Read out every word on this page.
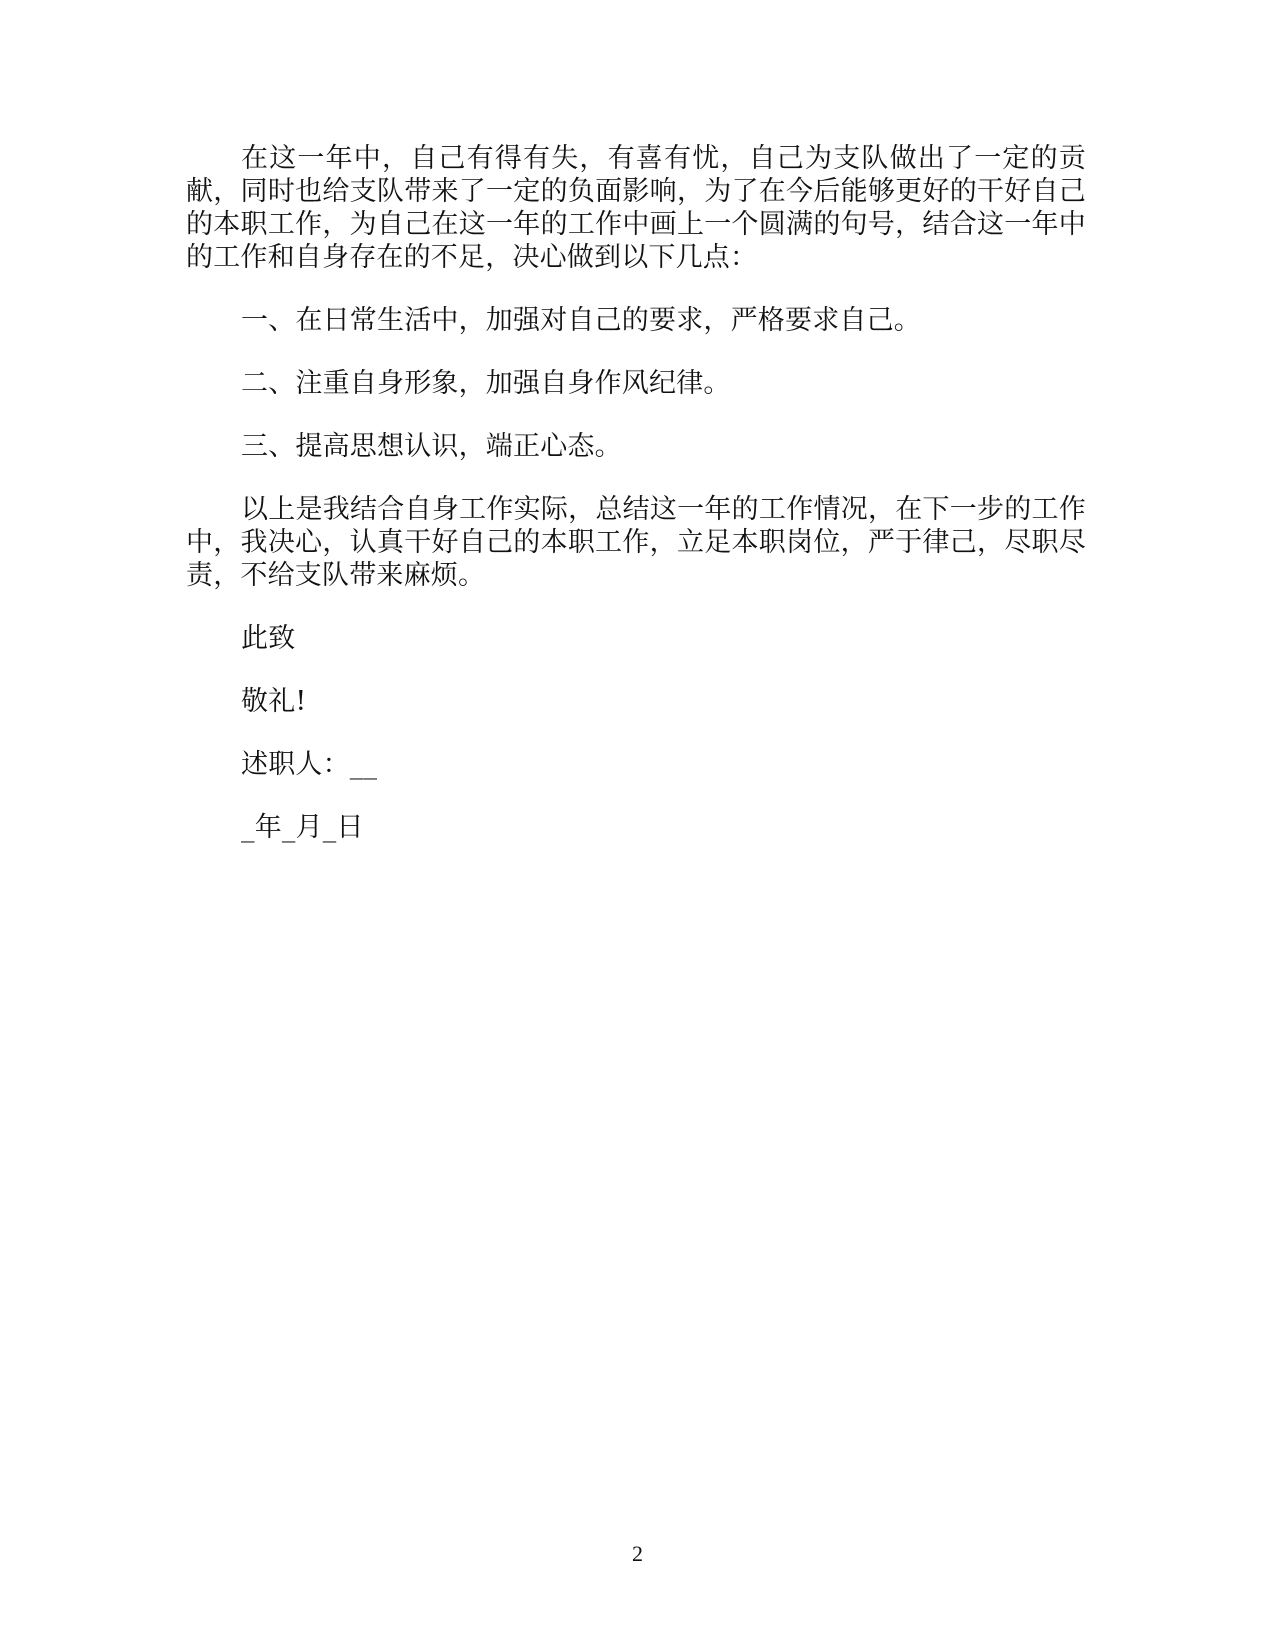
在这一年中，自己有得有失，有喜有忧，自己为支队做出了一定的贡献，同时也给支队带来了一定的负面影响，为了在今后能够更好的干好自己的本职工作，为自己在这一年的工作中画上一个圆满的句号，结合这一年中的工作和自身存在的不足，决心做到以下几点：

一、在日常生活中，加强对自己的要求，严格要求自己。

二、注重自身形象，加强自身作风纪律。

三、提高思想认识，端正心态。

以上是我结合自身工作实际，总结这一年的工作情况，在下一步的工作中，我决心，认真干好自己的本职工作，立足本职岗位，严于律己，尽职尽责，不给支队带来麻烦。

此致

敬礼!

述职人：__

_年_月_日

2
